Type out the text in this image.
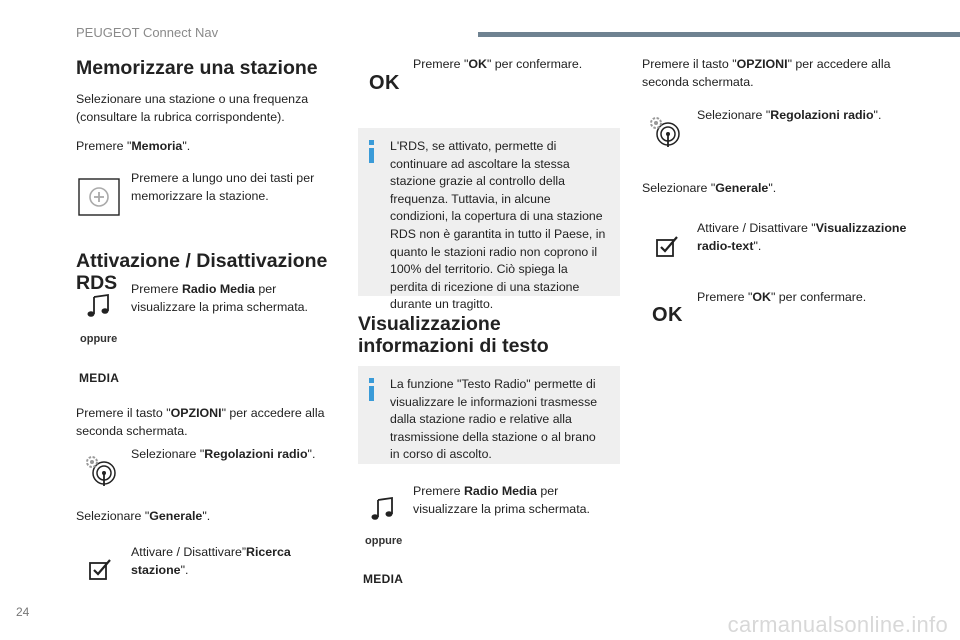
PEUGEOT Connect Nav
Memorizzare una stazione

Selezionare una stazione o una frequenza (consultare la rubrica corrispondente).

Premere "Memoria".

Premere a lungo uno dei tasti per memorizzare la stazione.

Attivazione / Disattivazione RDS	Premere Radio Media per visualizzare la prima schermata.

oppure
MEDIA

Premere il tasto "OPZIONI" per accedere alla seconda schermata.

Selezionare "Regolazioni radio".

Selezionare "Generale".

Attivare / Disattivare”Ricerca stazione".

OK

Premere "OK" per confermare.

L'RDS, se attivato, permette di continuare ad ascoltare la stessa stazione grazie al controllo della frequenza. Tuttavia, in alcune condizioni, la copertura di una stazione RDS non è garantita in tutto il Paese, in quanto le stazioni radio non coprono il 100% del territorio. Ciò spiega la perdita di ricezione di una stazione durante un tragitto.
Visualizzazione informazioni di testo
La funzione "Testo Radio" permette di visualizzare le informazioni trasmesse dalla stazione radio e relative alla trasmissione della stazione o al brano in corso di ascolto.

Premere Radio Media per visualizzare la prima schermata.

oppure
MEDIA

Premere il tasto "OPZIONI" per accedere alla seconda schermata.

Selezionare "Regolazioni radio".

Selezionare "Generale".

Attivare / Disattivare "Visualizzazione radio-text".

OK

Premere "OK" per confermare.

24	carmanualsonline.info
